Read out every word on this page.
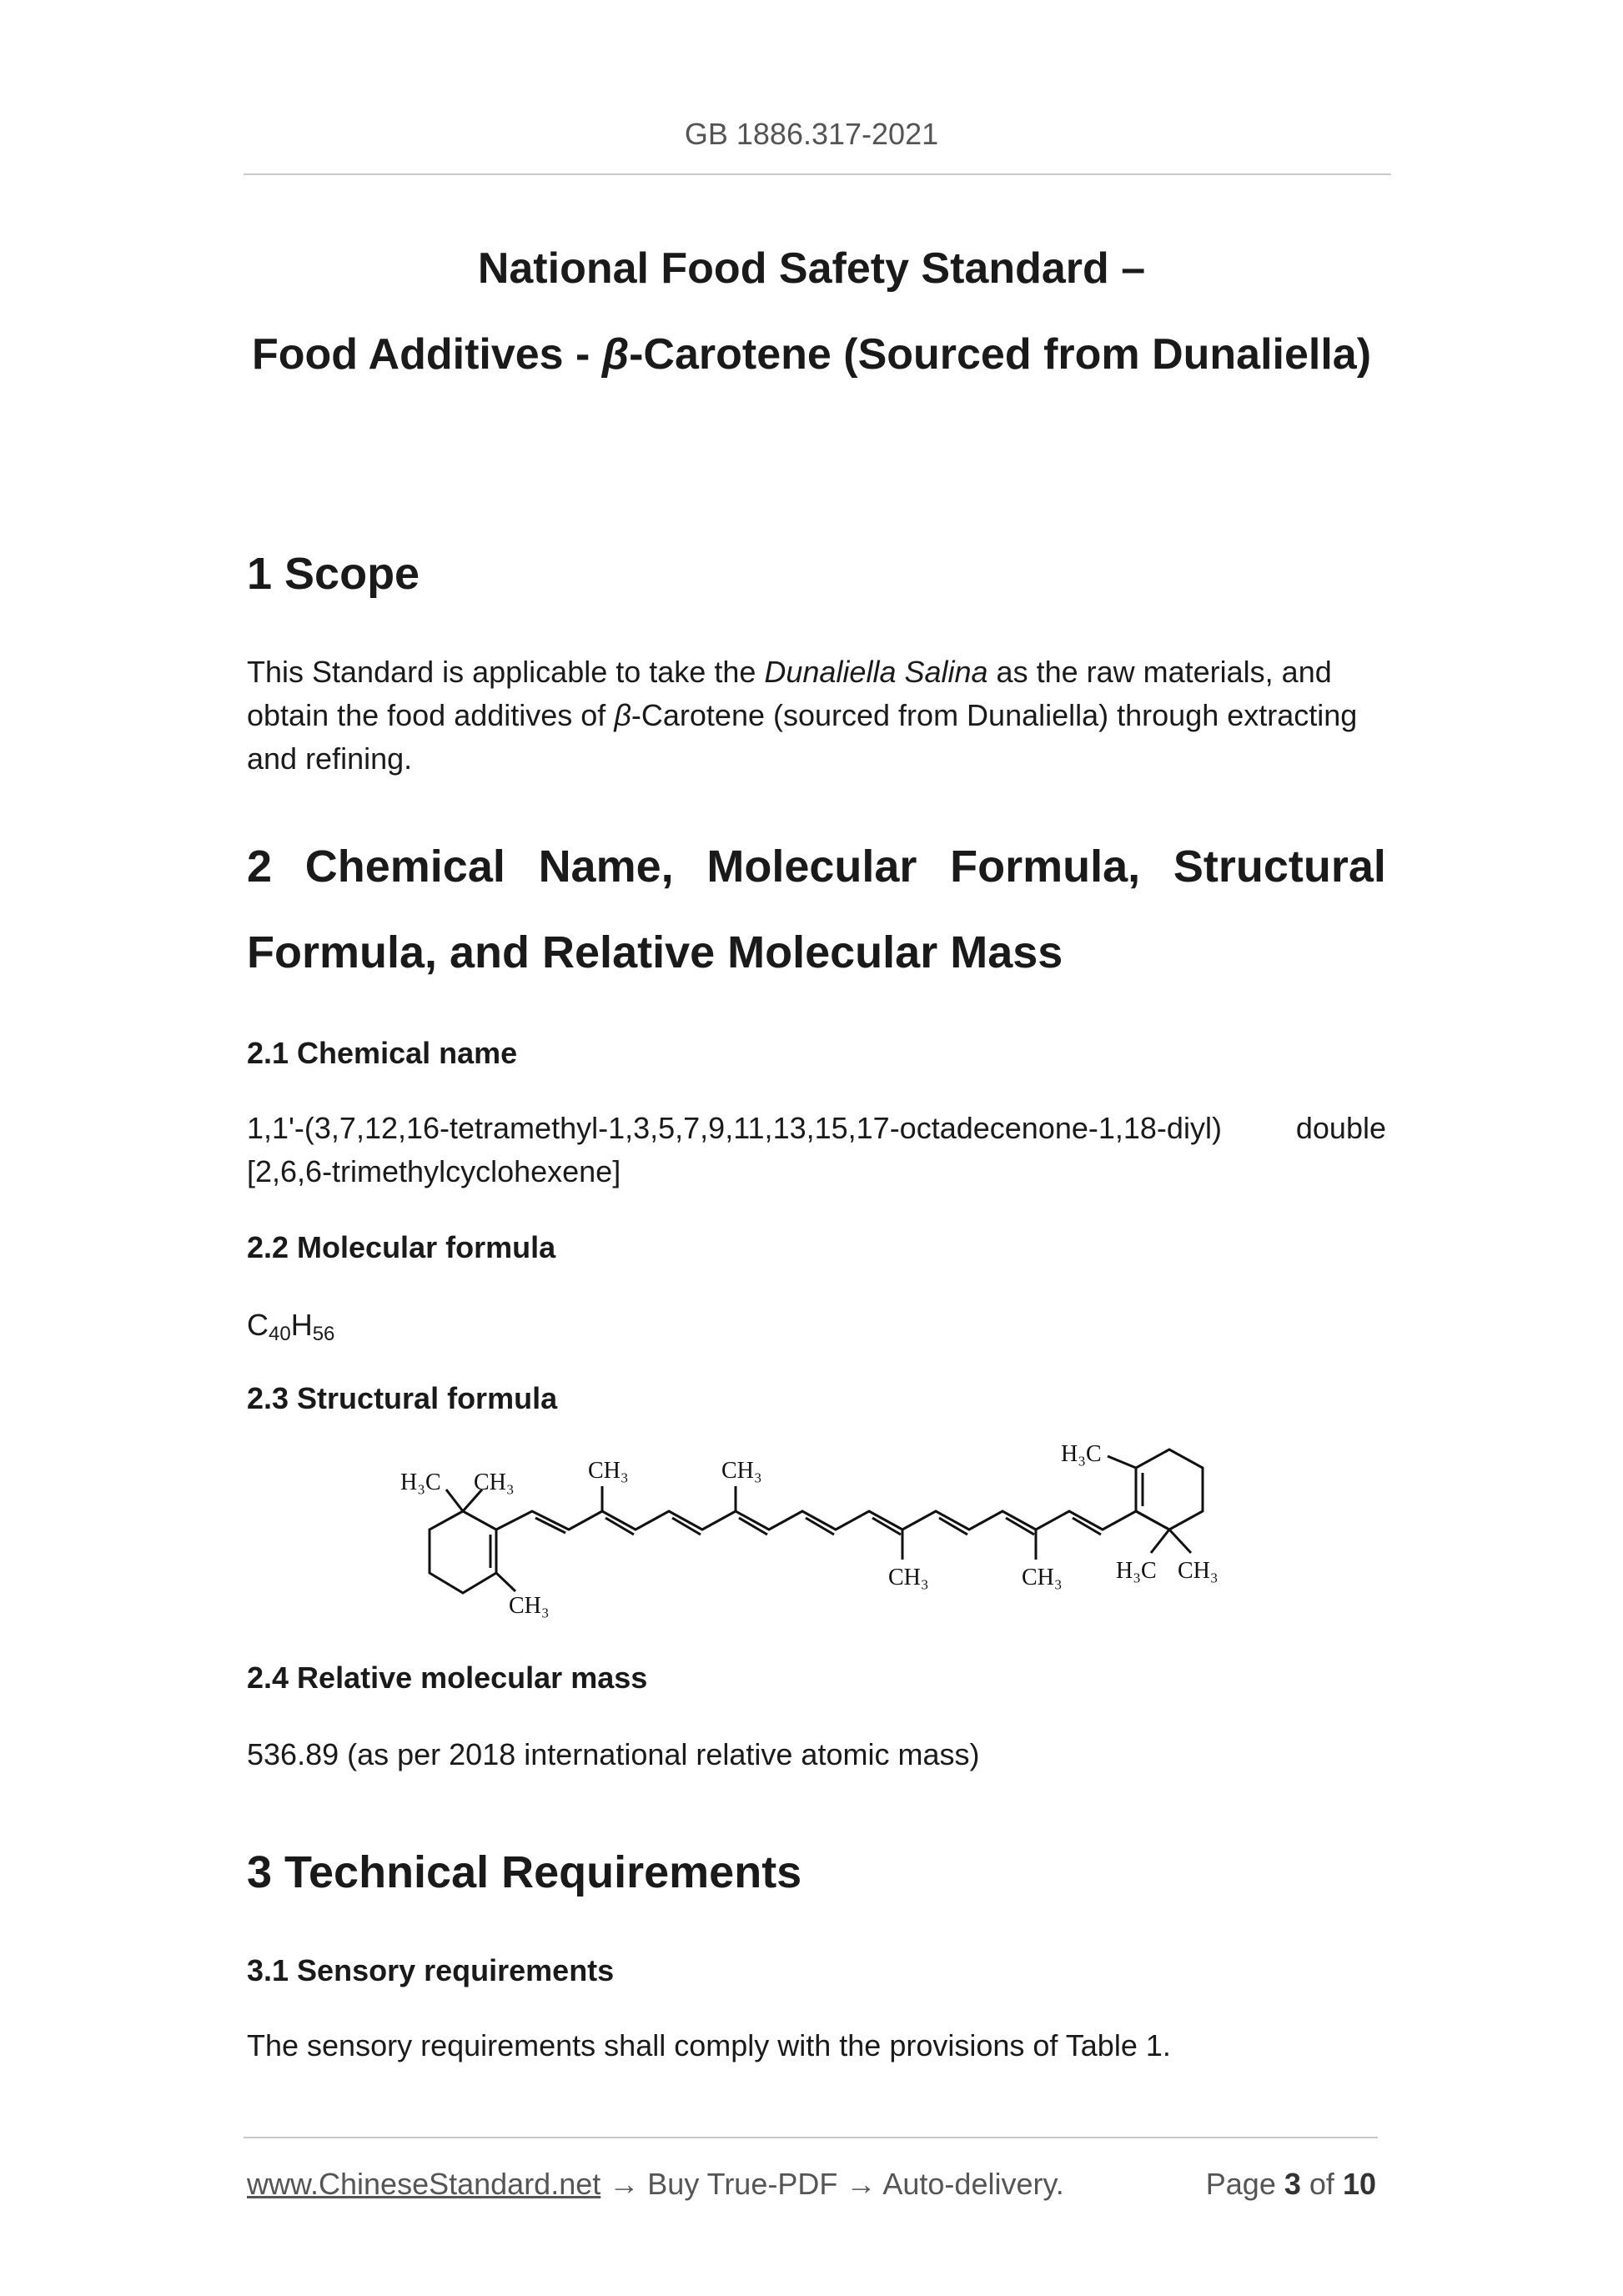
GB 1886.317-2021
National Food Safety Standard –
Food Additives - β-Carotene (Sourced from Dunaliella)
1 Scope
This Standard is applicable to take the Dunaliella Salina as the raw materials, and
obtain the food additives of β-Carotene (sourced from Dunaliella) through extracting
and refining.
2 Chemical Name, Molecular Formula, Structural
Formula, and Relative Molecular Mass
2.1 Chemical name
1,1'-(3,7,12,16-tetramethyl-1,3,5,7,9,11,13,15,17-octadecenone-1,18-diyl) double
[2,6,6-trimethylcyclohexene]
2.2 Molecular formula
$C_{40}H_{56}$
2.3 Structural formula
H₃C CH₃
CH₃
CH₃	CH₃
CH₃	CH₃
H₃C
H₃C CH₃
2.4 Relative molecular mass
536.89 (as per 2018 international relative atomic mass)
3 Technical Requirements
3.1 Sensory requirements
The sensory requirements shall comply with the provisions of Table 1.
www.ChineseStandard.net → Buy True-PDF → Auto-delivery.	Page 3 of 10
